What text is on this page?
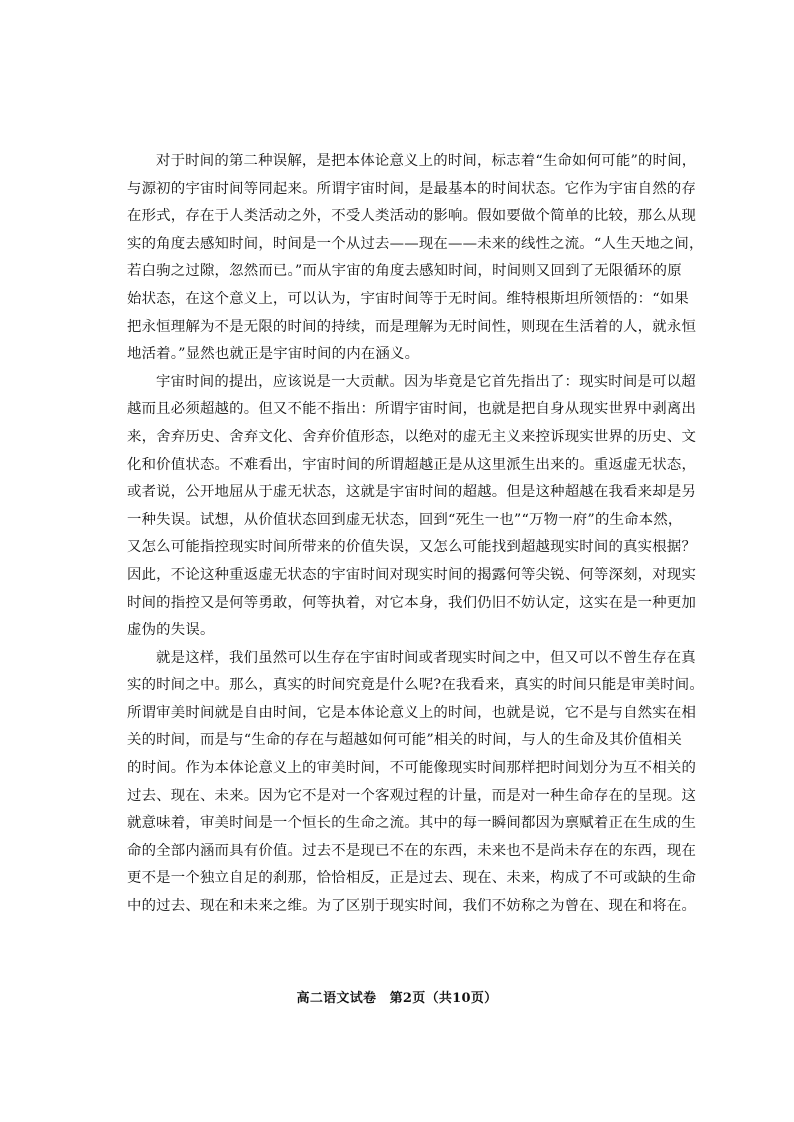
对于时间的第二种误解，是把本体论意义上的时间，标志着“生命如何可能”的时间，
与源初的宇宙时间等同起来。所谓宇宙时间，是最基本的时间状态。它作为宇宙自然的存
在形式，存在于人类活动之外，不受人类活动的影响。假如要做个简单的比较，那么从现
实的角度去感知时间，时间是一个从过去——现在——未来的线性之流。“人生天地之间，
若白驹之过隙，忽然而已。”而从宇宙的角度去感知时间，时间则又回到了无限循环的原
始状态，在这个意义上，可以认为，宇宙时间等于无时间。维特根斯坦所领悟的：“如果
把永恒理解为不是无限的时间的持续，而是理解为无时间性，则现在生活着的人，就永恒
地活着。”显然也就正是宇宙时间的内在涵义。
宇宙时间的提出，应该说是一大贡献。因为毕竟是它首先指出了：现实时间是可以超
越而且必须超越的。但又不能不指出：所谓宇宙时间，也就是把自身从现实世界中剥离出
来，舍弃历史、舍弃文化、舍弃价值形态，以绝对的虚无主义来控诉现实世界的历史、文
化和价值状态。不难看出，宇宙时间的所谓超越正是从这里派生出来的。重返虚无状态，
或者说，公开地屈从于虚无状态，这就是宇宙时间的超越。但是这种超越在我看来却是另
一种失误。试想，从价值状态回到虚无状态，回到“死生一也”“万物一府”的生命本然，
又怎么可能指控现实时间所带来的价值失误，又怎么可能找到超越现实时间的真实根据？
因此，不论这种重返虚无状态的宇宙时间对现实时间的揭露何等尖锐、何等深刻，对现实
时间的指控又是何等勇敢，何等执着，对它本身，我们仍旧不妨认定，这实在是一种更加
虚伪的失误。
就是这样，我们虽然可以生存在宇宙时间或者现实时间之中，但又可以不曾生存在真
实的时间之中。那么，真实的时间究竟是什么呢?在我看来，真实的时间只能是审美时间。
所谓审美时间就是自由时间，它是本体论意义上的时间，也就是说，它不是与自然实在相
关的时间，而是与“生命的存在与超越如何可能”相关的时间，与人的生命及其价值相关
的时间。作为本体论意义上的审美时间，不可能像现实时间那样把时间划分为互不相关的
过去、现在、未来。因为它不是对一个客观过程的计量，而是对一种生命存在的呈现。这
就意味着，审美时间是一个恒长的生命之流。其中的每一瞬间都因为禀赋着正在生成的生
命的全部内涵而具有价值。过去不是现已不在的东西，未来也不是尚未存在的东西，现在
更不是一个独立自足的刹那，恰恰相反，正是过去、现在、未来，构成了不可或缺的生命
中的过去、现在和未来之维。为了区别于现实时间，我们不妨称之为曾在、现在和将在。
高二语文试卷　第2页（共10页）
